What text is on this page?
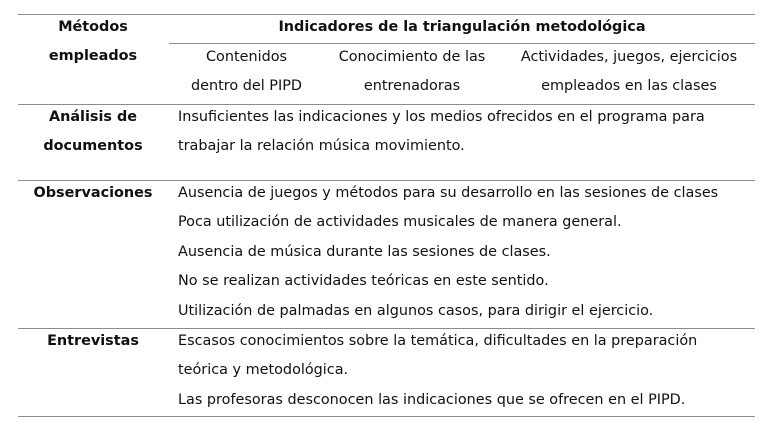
Métodos
empleados
Indicadores de la triangulación metodológica
Contenidos
dentro del PIPD
Conocimiento de las
entrenadoras
Actividades, juegos, ejercicios
empleados en las clases
Análisis de
documentos
Insuficientes las indicaciones y los medios ofrecidos en el programa para
trabajar la relación música movimiento.
Observaciones	Ausencia de juegos y métodos para su desarrollo en las sesiones de clases
Poca utilización de actividades musicales de manera general.
Ausencia de música durante las sesiones de clases.
No se realizan actividades teóricas en este sentido.
Utilización de palmadas en algunos casos, para dirigir el ejercicio.
Entrevistas	Escasos conocimientos sobre la temática, dificultades en la preparación
teórica y metodológica.
Las profesoras desconocen las indicaciones que se ofrecen en el PIPD.
